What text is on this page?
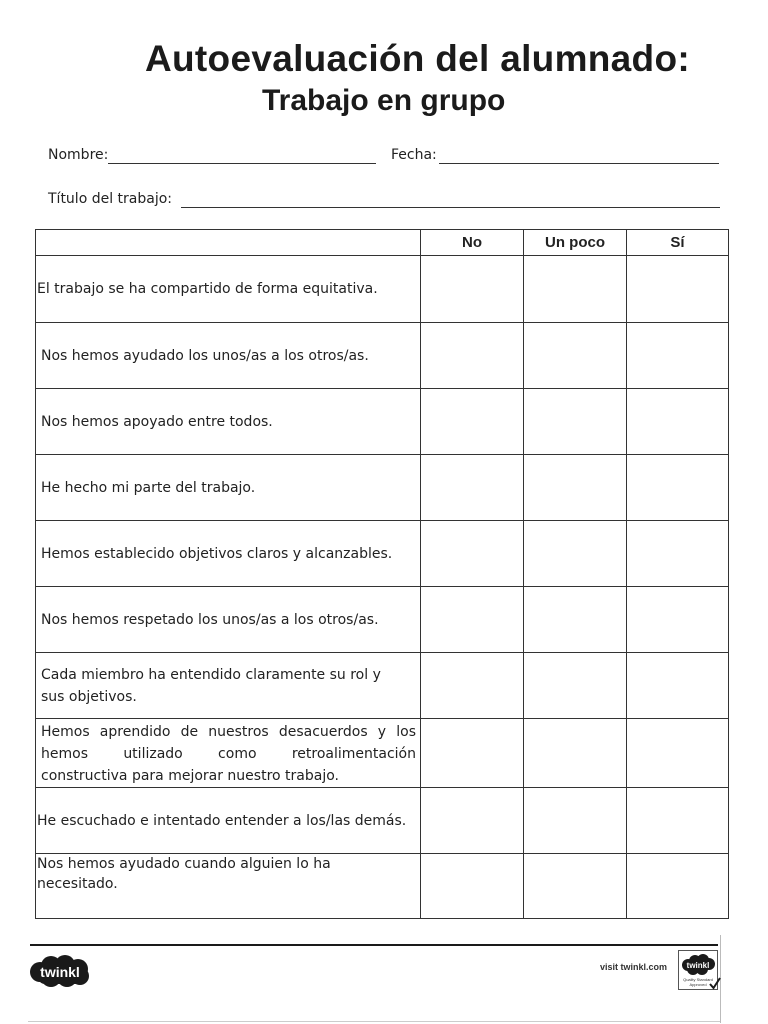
Autoevaluación del alumnado:
Trabajo en grupo
Nombre:	Fecha:
Título del trabajo:
	No	Un poco	Sí

El trabajo se ha compartido de forma equitativa.			

Nos hemos ayudado los unos/as a los otros/as.			

Nos hemos apoyado entre todos.			

He hecho mi parte del trabajo.			

Hemos establecido objetivos claros y alcanzables.			

Nos hemos respetado los unos/as a los otros/as.			

Cada miembro ha entendido claramente su rol y
sus objetivos.			

Hemos aprendido de nuestros desacuerdos y los
hemos utilizado como retroalimentación
constructiva para mejorar nuestro trabajo.			

He escuchado e intentado entender a los/las demás.			

Nos hemos ayudado cuando alguien lo ha
necesitado.			

twinkl	visit twinkl.com twinkl
Quality Standard
Approved
